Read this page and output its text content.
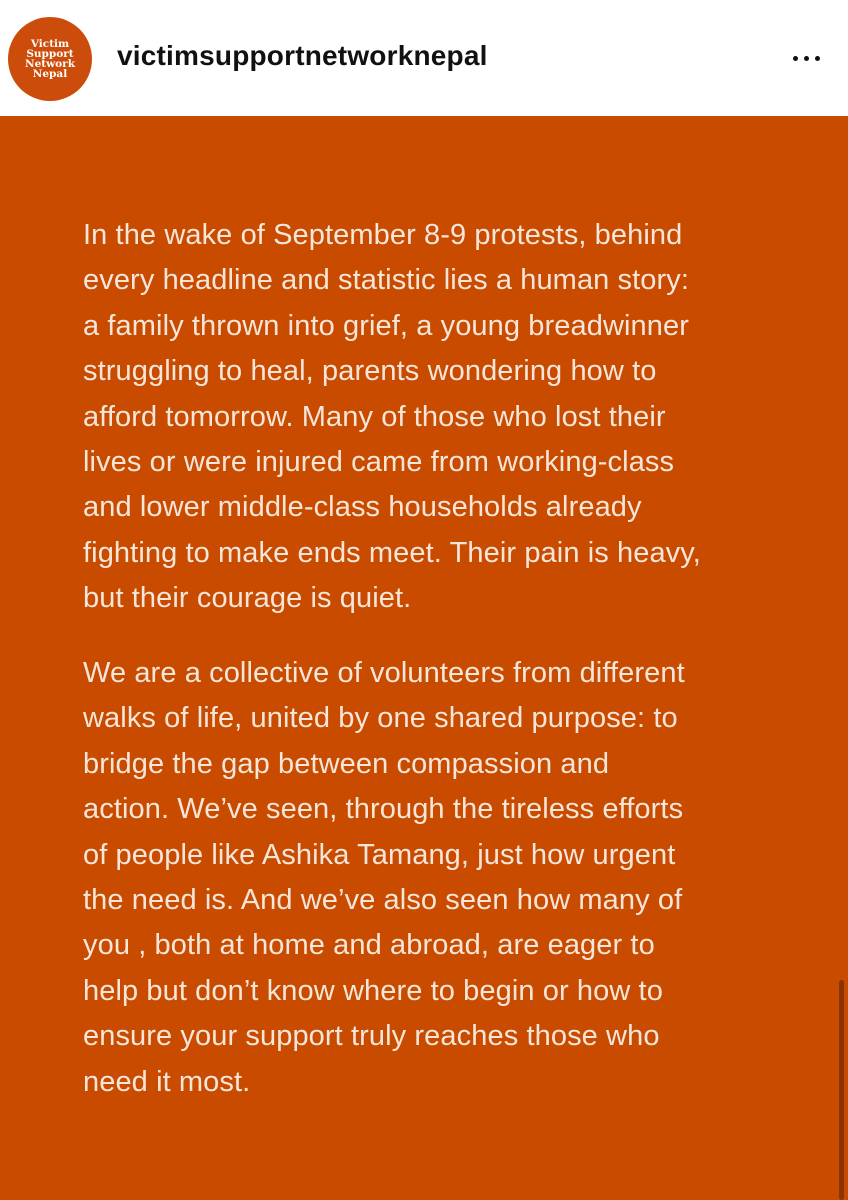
Victim
Support
Network
Nepal
victimsupportnetworknepal

In the wake of September 8-9 protests, behind
every headline and statistic lies a human story:
a family thrown into grief, a young breadwinner
struggling to heal, parents wondering how to
afford tomorrow. Many of those who lost their
lives or were injured came from working-class
and lower middle-class households already
fighting to make ends meet. Their pain is heavy,
but their courage is quiet.

We are a collective of volunteers from different
walks of life, united by one shared purpose: to
bridge the gap between compassion and
action. We’ve seen, through the tireless efforts
of people like Ashika Tamang, just how urgent
the need is. And we’ve also seen how many of
you , both at home and abroad, are eager to
help but don’t know where to begin or how to
ensure your support truly reaches those who
need it most.
